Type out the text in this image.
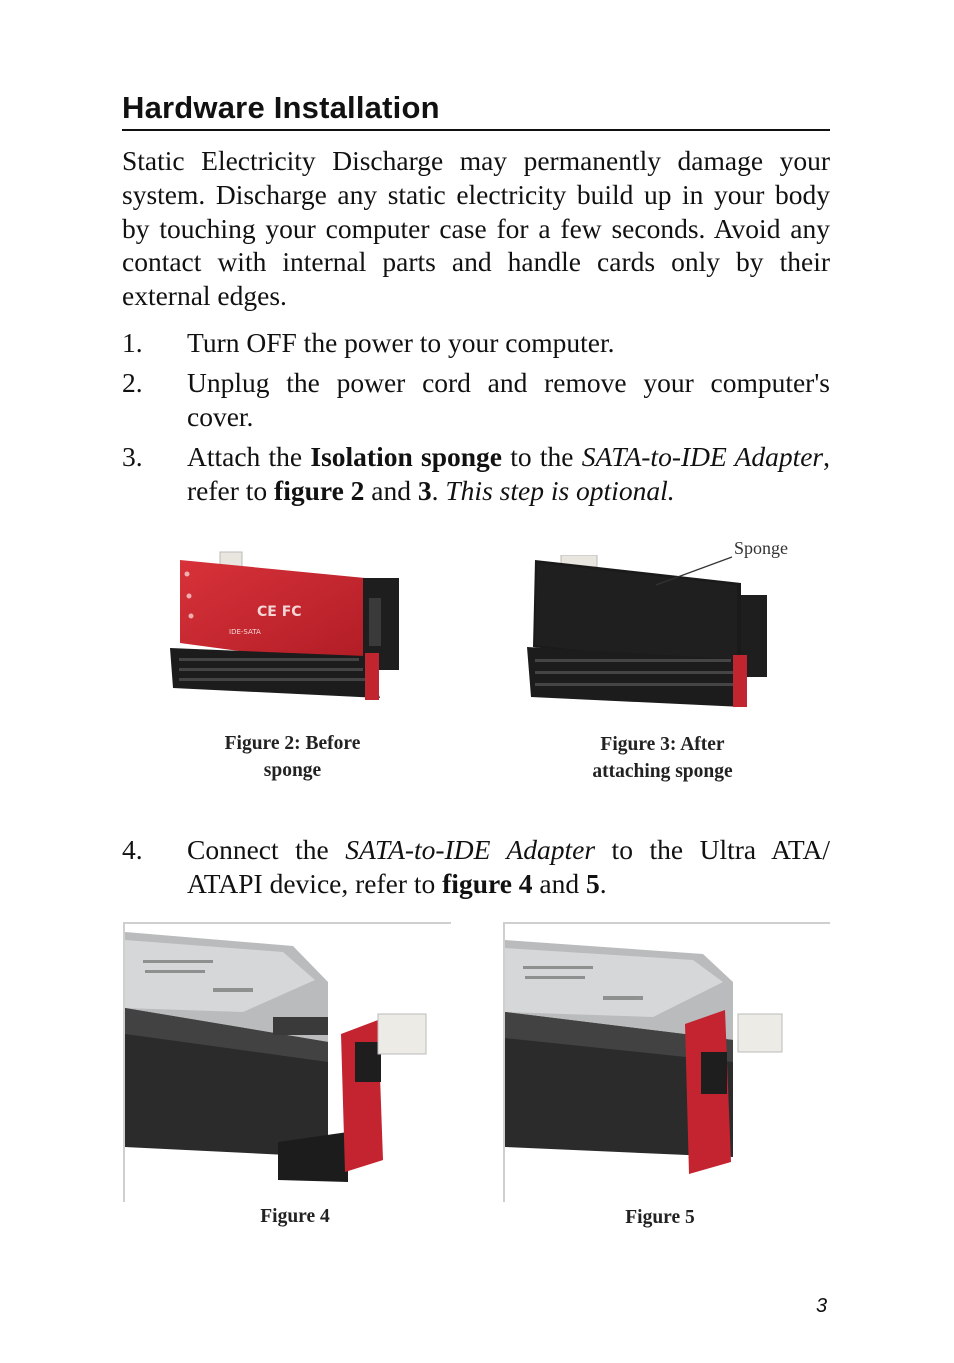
Hardware Installation

Static Electricity Discharge may permanently damage your system. Discharge any static electricity build up in your body by touching your computer case for a few seconds. Avoid any contact with internal parts and handle cards only by their external edges.

1. Turn OFF the power to your computer.
2. Unplug the power cord and remove your computer's
cover.
3. Attach the Isolation sponge to the SATA-to-IDE Adapter, refer to figure 2 and 3. This step is optional.
CE FC
IDE-SATA
Sponge
Figure 2: Before
sponge
Figure 3: After
attaching sponge
4. Connect the SATA-to-IDE Adapter to the Ultra ATA/ ATAPI device, refer to figure 4 and 5.
Figure 4	Figure 5
3
